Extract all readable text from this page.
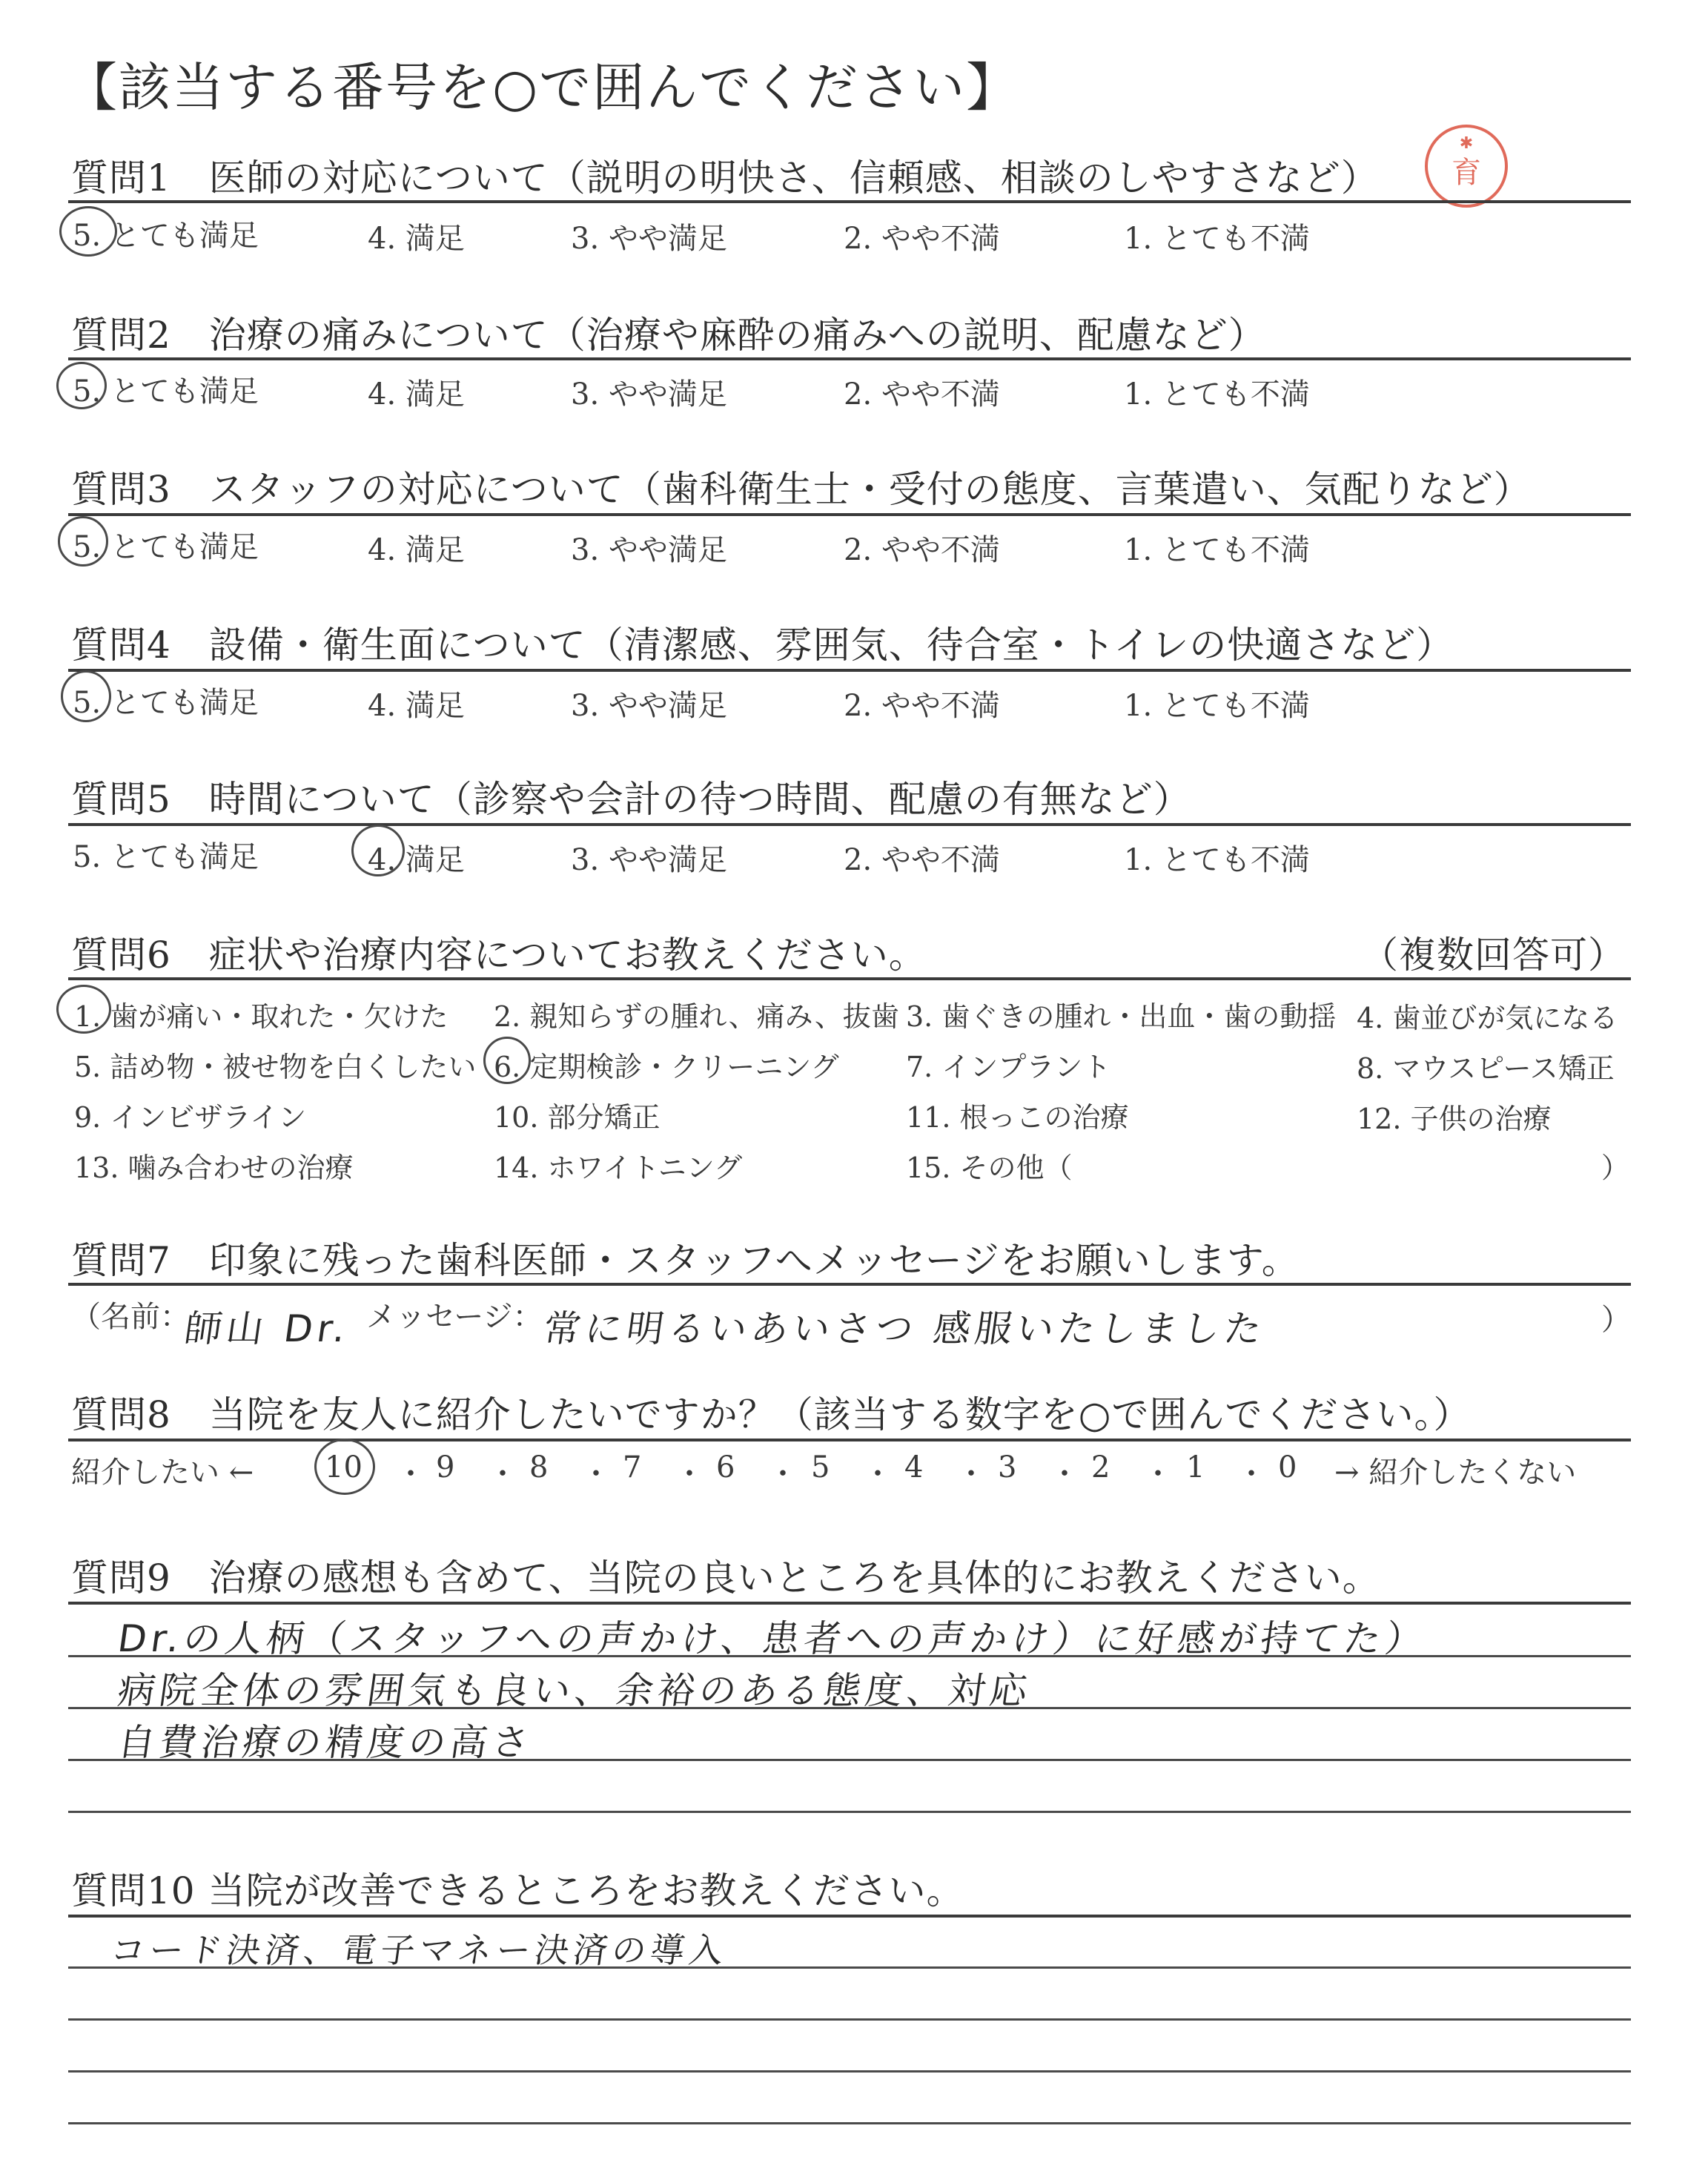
【該当する番号を○で囲んでください】
✱
育
質問1　医師の対応について（説明の明快さ、信頼感、相談のしやすさなど）
5. とても満足	4. 満足	3. やや満足	2. やや不満	1. とても不満
質問2　治療の痛みについて（治療や麻酔の痛みへの説明、配慮など）
5. とても満足	4. 満足	3. やや満足	2. やや不満	1. とても不満
質問3　スタッフの対応について（歯科衛生士・受付の態度、言葉遣い、気配りなど）
5. とても満足	4. 満足	3. やや満足	2. やや不満	1. とても不満
質問4　設備・衛生面について（清潔感、雰囲気、待合室・トイレの快適さなど）
5. とても満足	4. 満足	3. やや満足	2. やや不満	1. とても不満
質問5　時間について（診察や会計の待つ時間、配慮の有無など）
5. とても満足	4. 満足	3. やや満足	2. やや不満	1. とても不満
質問6　症状や治療内容についてお教えください。	（複数回答可）
1. 歯が痛い・取れた・欠けた 2. 親知らずの腫れ、痛み、抜歯 3. 歯ぐきの腫れ・出血・歯の動揺 4. 歯並びが気になる
5. 詰め物・被せ物を白くしたい 6. 定期検診・クリーニング 7. インプラント	8. マウスピース矯正
9. インビザライン	10. 部分矯正	11. 根っこの治療	12. 子供の治療
13. 噛み合わせの治療	14. ホワイトニング	15. その他（	）
質問7　印象に残った歯科医師・スタッフへメッセージをお願いします。
（名前：
師山 Dr. メッセージ：
常に明るいあいさつ 感服いたしました	）
質問8　当院を友人に紹介したいですか？（該当する数字を○で囲んでください。）
紹介したい ← 10 ・ 9 ・ 8 ・ 7 ・ 6 ・ 5 ・ 4 ・ 3 ・ 2 ・ 1 ・ 0 → 紹介したくない
質問9　治療の感想も含めて、当院の良いところを具体的にお教えください。
Dr.の人柄（スタッフへの声かけ、患者への声かけ）に好感が持てた）
病院全体の雰囲気も良い、余裕のある態度、対応
自費治療の精度の高さ
質問10 当院が改善できるところをお教えください。
コード決済、電子マネー決済の導入
